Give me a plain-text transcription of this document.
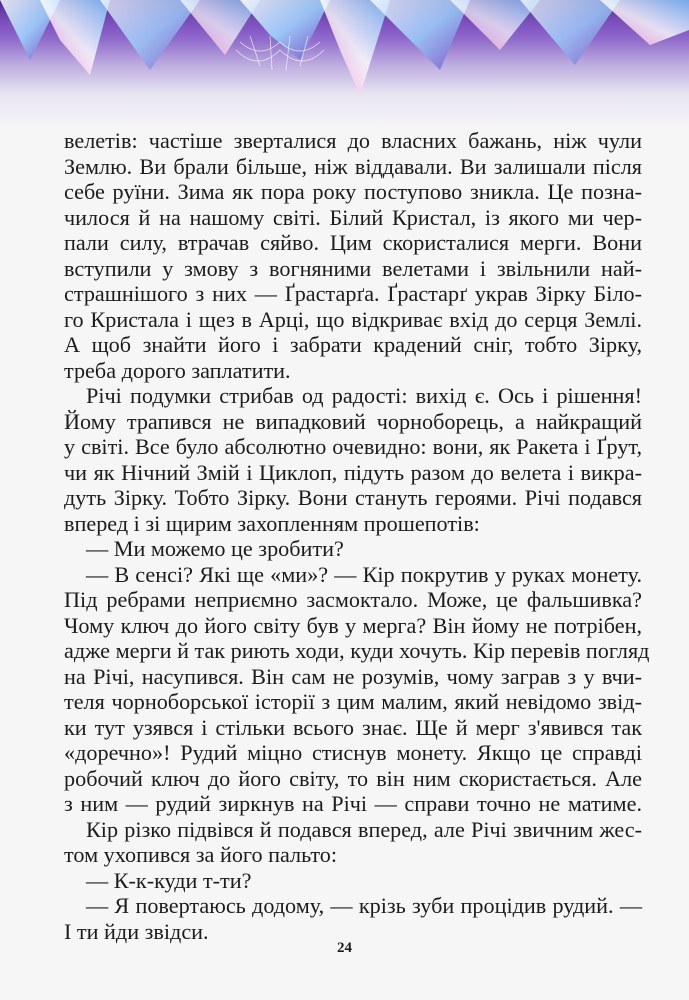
велетів: частіше зверталися до власних бажань, ніж чули
Землю. Ви брали більше, ніж віддавали. Ви залишали після
себе руїни. Зима як пора року поступово зникла. Це позна-
чилося й на нашому світі. Білий Кристал, із якого ми чер-
пали силу, втрачав сяйво. Цим скористалися мерги. Вони
вступили у змову з вогняними велетами і звільнили най-
страшнішого з них — Ґрастарґа. Ґрастарґ украв Зірку Біло-
го Кристала і щез в Арці, що відкриває вхід до серця Землі.
А щоб знайти його і забрати крадений сніг, тобто Зірку,
треба дорого заплатити.
Річі подумки стрибав од радості: вихід є. Ось і рішення!
Йому трапився не випадковий чорноборець, а найкращий
у світі. Все було абсолютно очевидно: вони, як Ракета і Ґрут,
чи як Нічний Змій і Циклоп, підуть разом до велета і викра-
дуть Зірку. Тобто Зірку. Вони стануть героями. Річі подався
вперед і зі щирим захопленням прошепотів:
— Ми можемо це зробити?
— В сенсі? Які ще «ми»? — Кір покрутив у руках монету.
Під ребрами неприємно засмоктало. Може, це фальшивка?
Чому ключ до його світу був у мерга? Він йому не потрібен,
адже мерги й так риють ходи, куди хочуть. Кір перевів погляд
на Річі, насупився. Він сам не розумів, чому заграв з у вчи-
теля чорноборської історії з цим малим, який невідомо звід-
ки тут узявся і стільки всього знає. Ще й мерг з'явився так
«доречно»! Рудий міцно стиснув монету. Якщо це справді
робочий ключ до його світу, то він ним скористається. Але
з ним — рудий зиркнув на Річі — справи точно не матиме.
Кір різко підвівся й подався вперед, але Річі звичним жес-
том ухопився за його пальто:
— К-к-куди т-ти?
— Я повертаюсь додому, — крізь зуби процідив рудий. —
І ти йди звідси.
24
